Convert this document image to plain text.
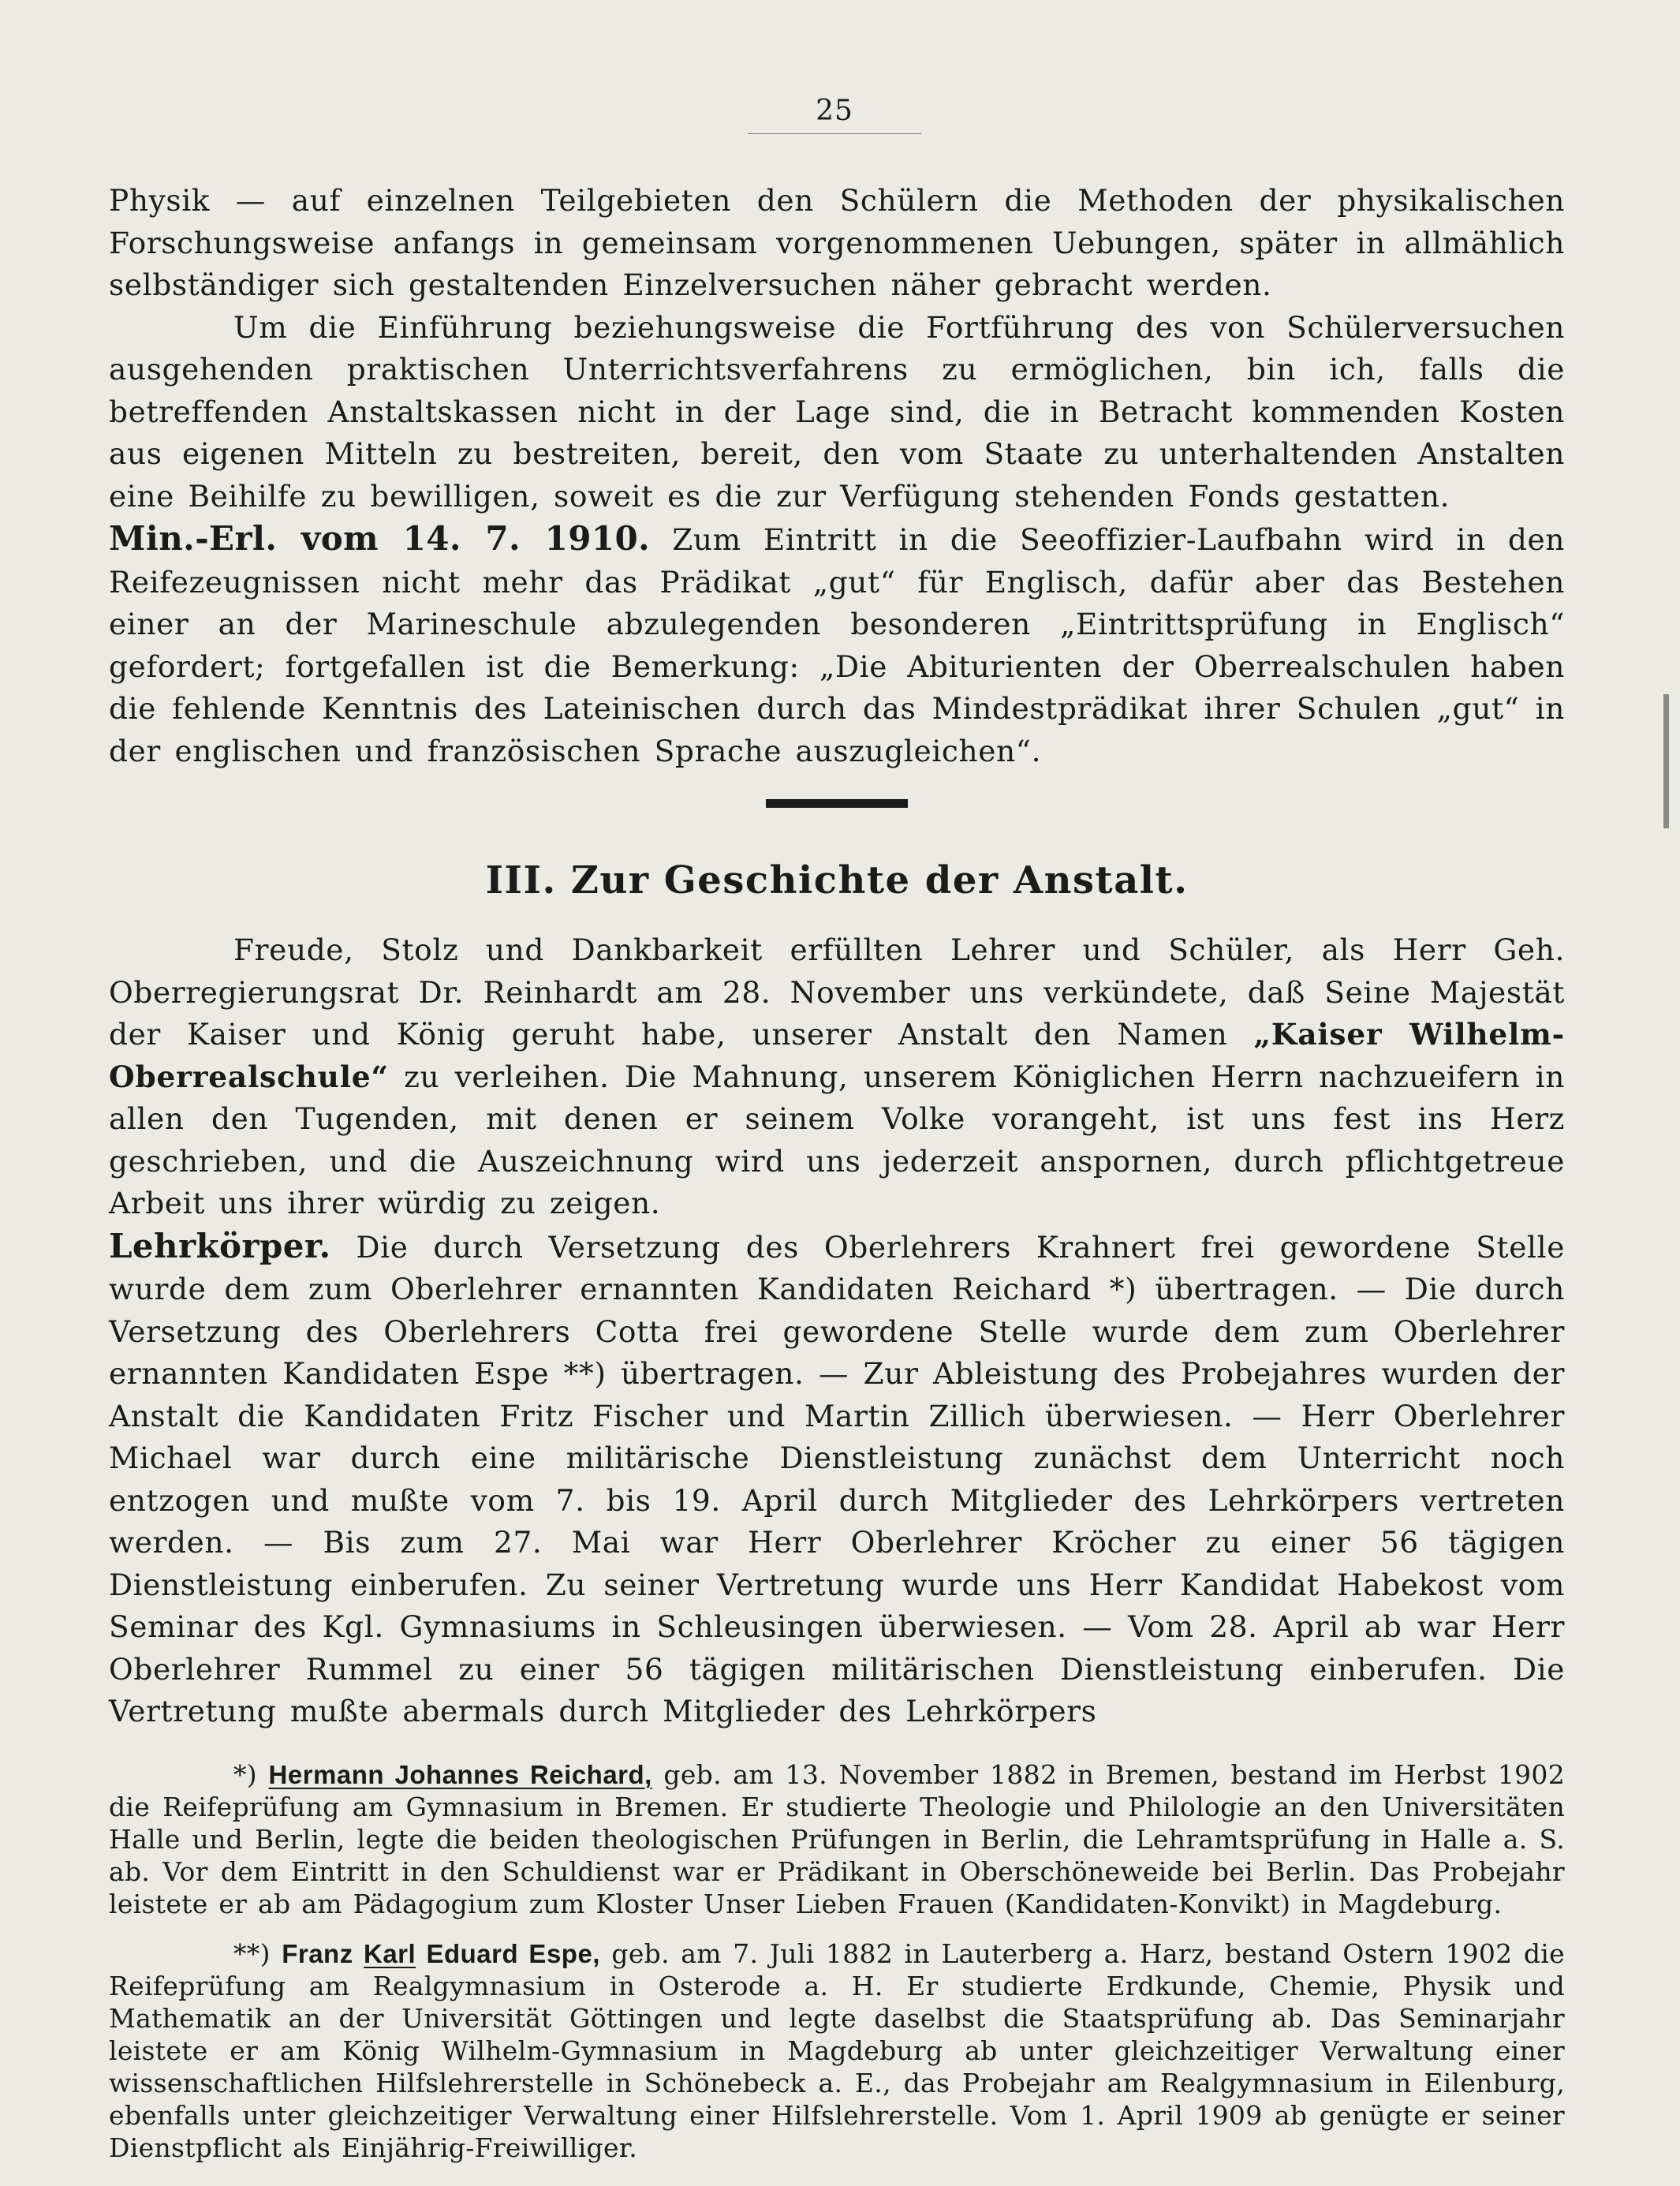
25

Physik — auf einzelnen Teilgebieten den Schülern die Methoden der physikalischen Forschungsweise anfangs in gemeinsam vorgenommenen Uebungen, später in allmählich selbständiger sich gestaltenden Einzelversuchen näher gebracht werden.

Um die Einführung beziehungsweise die Fortführung des von Schülerversuchen ausgehenden praktischen Unterrichtsverfahrens zu ermöglichen, bin ich, falls die betreffenden Anstaltskassen nicht in der Lage sind, die in Betracht kommenden Kosten aus eigenen Mitteln zu bestreiten, bereit, den vom Staate zu unterhaltenden Anstalten eine Beihilfe zu bewilligen, soweit es die zur Verfügung stehenden Fonds gestatten.

Min.-Erl. vom 14. 7. 1910. Zum Eintritt in die Seeoffizier-Laufbahn wird in den Reifezeugnissen nicht mehr das Prädikat „gut“ für Englisch, dafür aber das Bestehen einer an der Marineschule abzulegenden besonderen „Eintrittsprüfung in Englisch“ gefordert; fortgefallen ist die Bemerkung: „Die Abiturienten der Oberrealschulen haben die fehlende Kenntnis des Lateinischen durch das Mindestprädikat ihrer Schulen „gut“ in der englischen und französischen Sprache auszugleichen“.

III. Zur Geschichte der Anstalt.

Freude, Stolz und Dankbarkeit erfüllten Lehrer und Schüler, als Herr Geh. Oberregierungsrat Dr. Reinhardt am 28. November uns verkündete, daß Seine Majestät der Kaiser und König geruht habe, unserer Anstalt den Namen „Kaiser Wilhelm-Oberrealschule“ zu verleihen. Die Mahnung, unserem Königlichen Herrn nachzueifern in allen den Tugenden, mit denen er seinem Volke vorangeht, ist uns fest ins Herz geschrieben, und die Auszeichnung wird uns jederzeit anspornen, durch pflichtgetreue Arbeit uns ihrer würdig zu zeigen.

Lehrkörper. Die durch Versetzung des Oberlehrers Krahnert frei gewordene Stelle wurde dem zum Oberlehrer ernannten Kandidaten Reichard *) übertragen. — Die durch Versetzung des Oberlehrers Cotta frei gewordene Stelle wurde dem zum Oberlehrer ernannten Kandidaten Espe **) übertragen. — Zur Ableistung des Probejahres wurden der Anstalt die Kandidaten Fritz Fischer und Martin Zillich überwiesen. — Herr Oberlehrer Michael war durch eine militärische Dienstleistung zunächst dem Unterricht noch entzogen und mußte vom 7. bis 19. April durch Mitglieder des Lehrkörpers vertreten werden. — Bis zum 27. Mai war Herr Oberlehrer Kröcher zu einer 56 tägigen Dienstleistung einberufen. Zu seiner Vertretung wurde uns Herr Kandidat Habekost vom Seminar des Kgl. Gymnasiums in Schleusingen überwiesen. — Vom 28. April ab war Herr Oberlehrer Rummel zu einer 56 tägigen militärischen Dienstleistung einberufen. Die Vertretung mußte abermals durch Mitglieder des Lehrkörpers

*) Hermann Johannes Reichard, geb. am 13. November 1882 in Bremen, bestand im Herbst 1902 die Reifeprüfung am Gymnasium in Bremen. Er studierte Theologie und Philologie an den Universitäten Halle und Berlin, legte die beiden theologischen Prüfungen in Berlin, die Lehramtsprüfung in Halle a. S. ab. Vor dem Eintritt in den Schuldienst war er Prädikant in Oberschöneweide bei Berlin. Das Probejahr leistete er ab am Pädagogium zum Kloster Unser Lieben Frauen (Kandidaten-Konvikt) in Magdeburg.

**) Franz Karl Eduard Espe, geb. am 7. Juli 1882 in Lauterberg a. Harz, bestand Ostern 1902 die Reifeprüfung am Realgymnasium in Osterode a. H. Er studierte Erdkunde, Chemie, Physik und Mathematik an der Universität Göttingen und legte daselbst die Staatsprüfung ab. Das Seminarjahr leistete er am König Wilhelm-Gymnasium in Magdeburg ab unter gleichzeitiger Verwaltung einer wissenschaftlichen Hilfslehrerstelle in Schönebeck a. E., das Probejahr am Realgymnasium in Eilenburg, ebenfalls unter gleichzeitiger Verwaltung einer Hilfslehrerstelle. Vom 1. April 1909 ab genügte er seiner Dienstpflicht als Einjährig-Freiwilliger.
